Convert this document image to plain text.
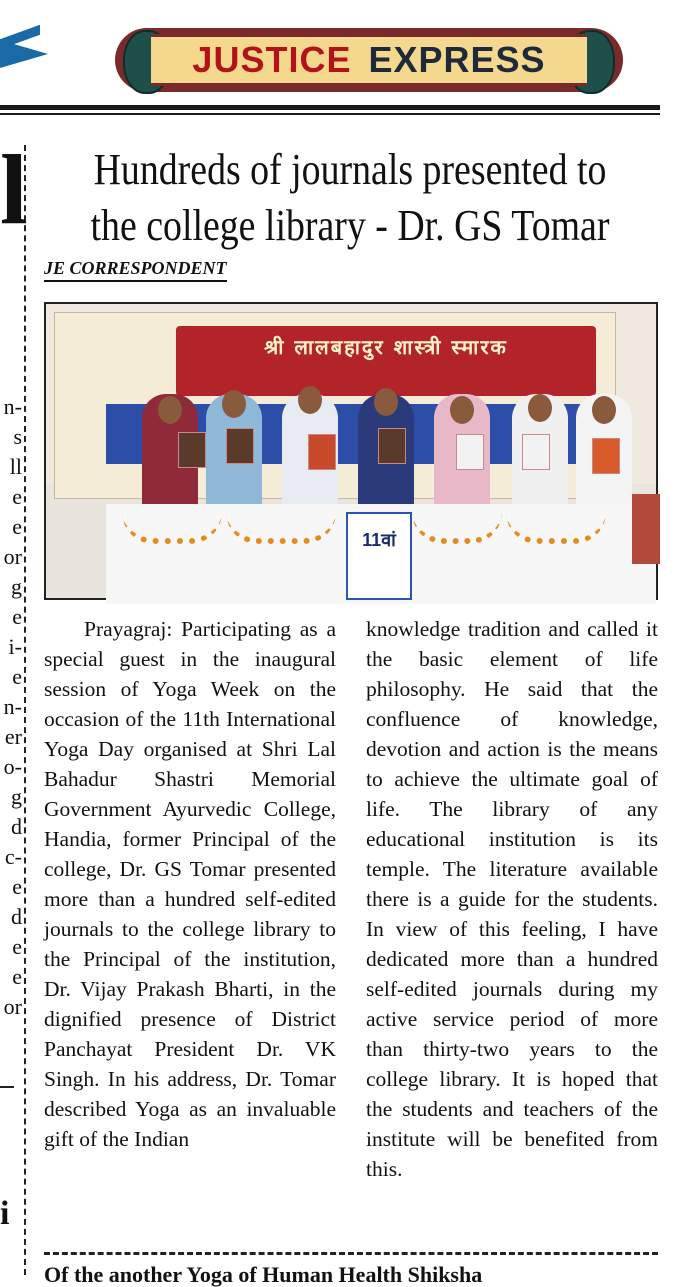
JUSTICE EXPRESS
l
n-
s
ll
e
e
or
g
e
i-
e
n-
er
o-
g
d
c-
e
d
e
e
or
i
Hundreds of journals presented to
the college library - Dr. GS Tomar
JE CORRESPONDENT
श्री लालबहादुर शास्त्री स्मारक
11वां

Prayagraj: Participating as a special guest in the inaugural session of Yoga Week on the occasion of the 11th International Yoga Day organised at Shri Lal Bahadur Shastri Memorial Government Ayurvedic College, Handia, former Principal of the college, Dr. GS Tomar presented more than a hundred self-edited journals to the college library to the Principal of the institution, Dr. Vijay Prakash Bharti, in the dignified presence of District Panchayat President Dr. VK Singh. In his address, Dr. Tomar described Yoga as an invaluable gift of the Indian

knowledge tradition and called it the basic element of life philosophy. He said that the confluence of knowledge, devotion and action is the means to achieve the ultimate goal of life. The library of any educational institution is its temple. The literature available there is a guide for the students. In view of this feeling, I have dedicated more than a hundred self-edited journals during my active service period of more than thirty-two years to the college library. It is hoped that the students and teachers of the institute will be benefited from this.

Of the another Yoga of Human Health Shiksha
